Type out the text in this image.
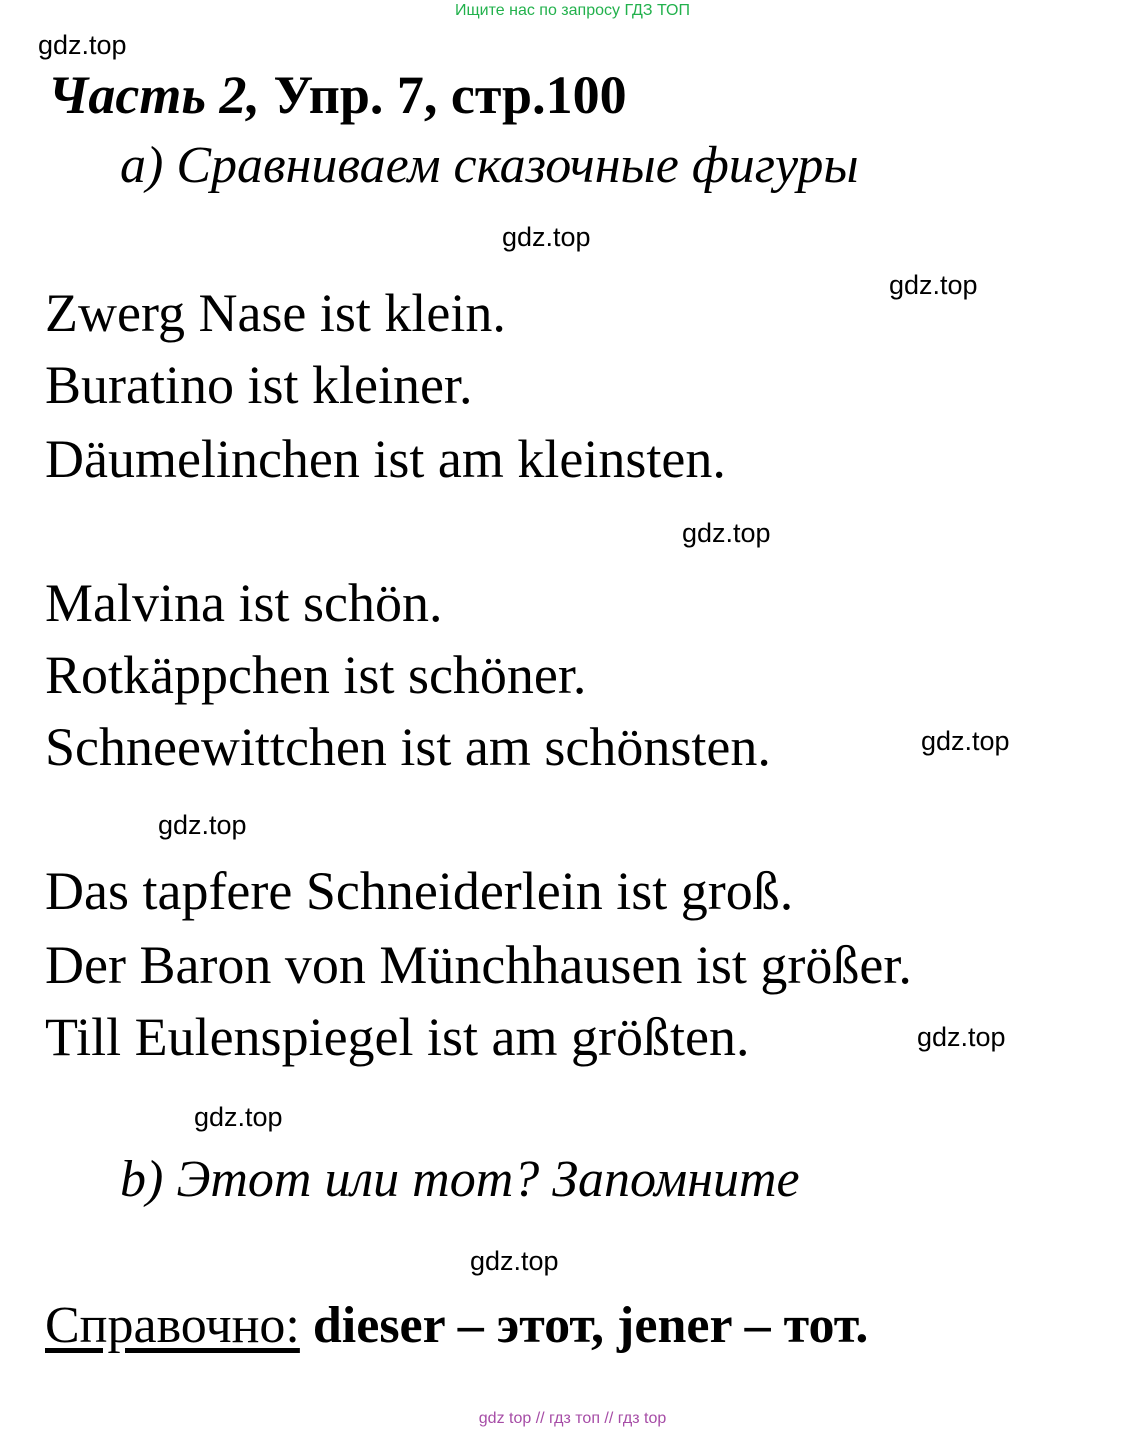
Ищите нас по запросу ГДЗ ТОП
gdz.top
gdz.top
gdz.top
gdz.top
gdz.top
gdz.top
gdz.top
gdz.top
gdz.top
Часть 2, Упр. 7, стр.100
a) Сравниваем сказочные фигуры
Zwerg Nase ist klein.
Buratino ist kleiner.
Däumelinchen ist am kleinsten.
Malvina ist schön.
Rotkäppchen ist schöner.
Schneewittchen ist am schönsten.
Das tapfere Schneiderlein ist groß.
Der Baron von Münchhausen ist größer.
Till Eulenspiegel ist am größten.
b) Этот или тот? Запомните
Справочно: dieser – этот, jener – тот.
gdz top // гдз топ // гдз top
